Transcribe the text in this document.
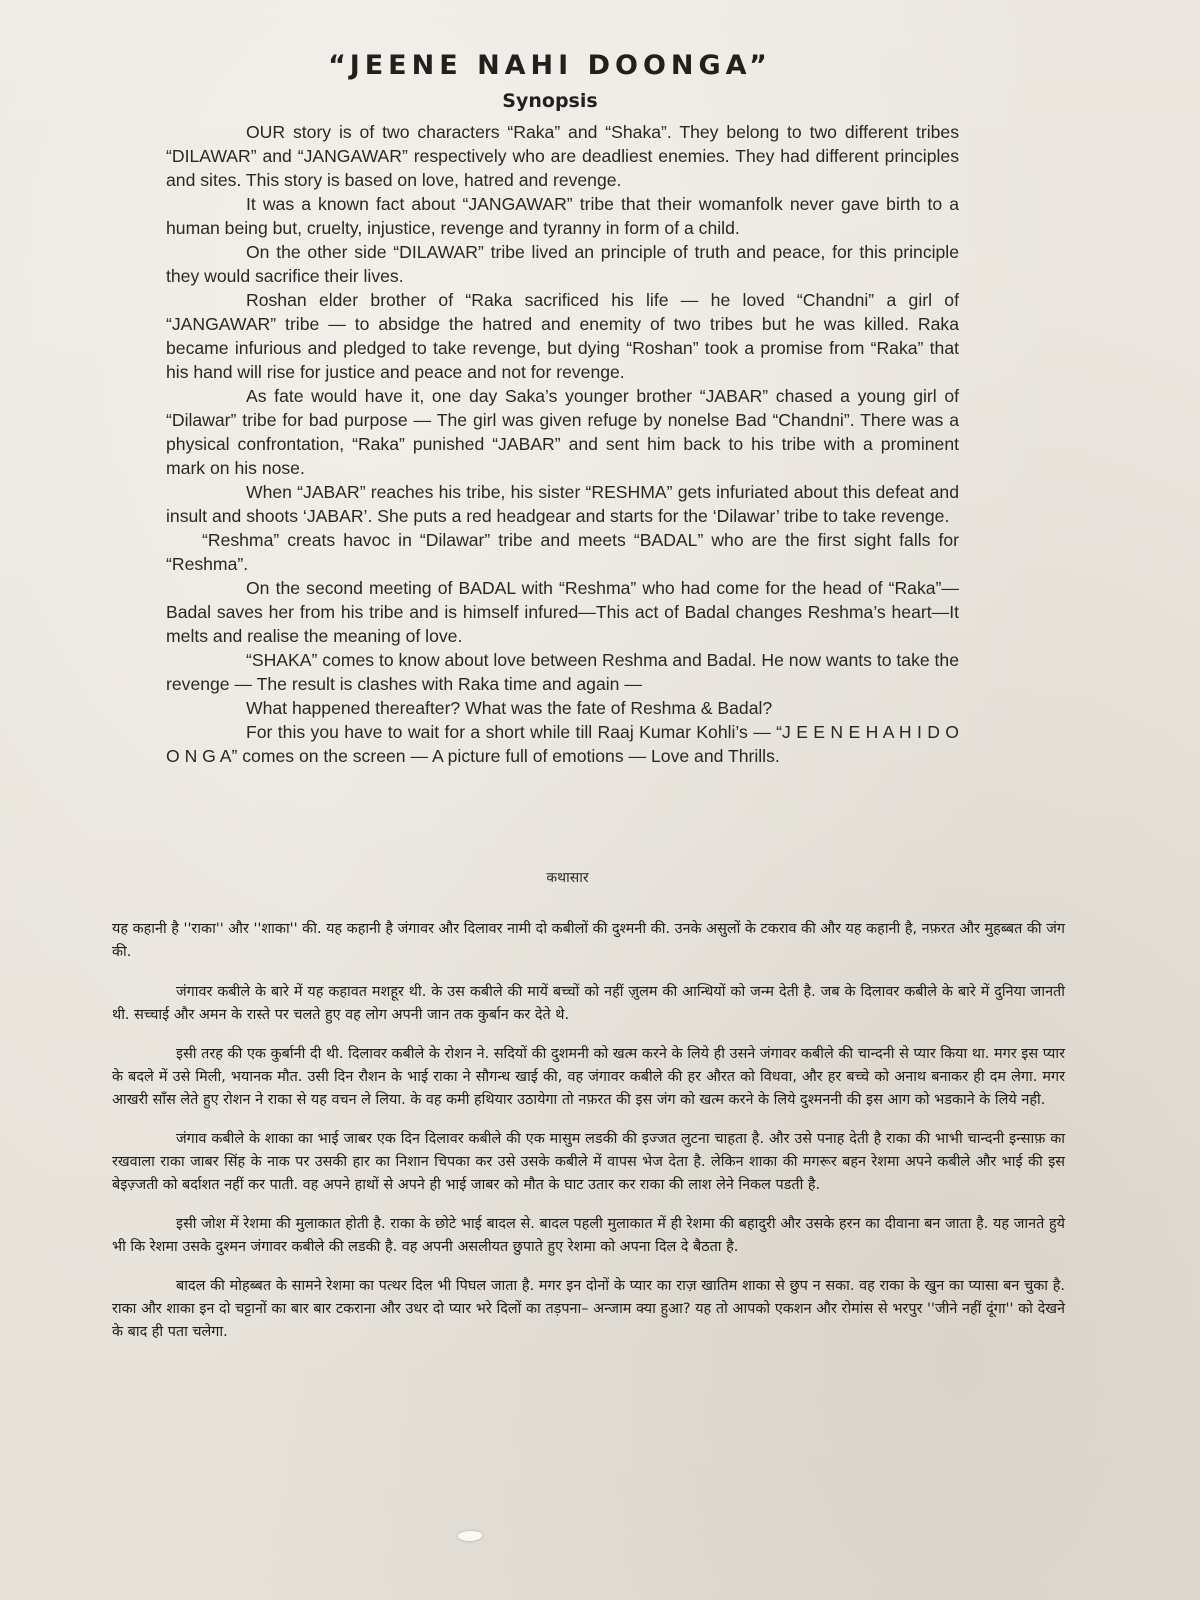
“JEENE NAHI DOONGA”
Synopsis

OUR story is of two characters “Raka” and “Shaka”. They belong to two different tribes “DILAWAR” and “JANGAWAR” respectively who are deadliest enemies. They had different principles and sites. This story is based on love, hatred and revenge.

It was a known fact about “JANGAWAR” tribe that their womanfolk never gave birth to a human being but, cruelty, injustice, revenge and tyranny in form of a child.

On the other side “DILAWAR” tribe lived an principle of truth and peace, for this principle they would sacrifice their lives.

Roshan elder brother of “Raka sacrificed his life — he loved “Chandni” a girl of “JANGAWAR” tribe — to absidge the hatred and enemity of two tribes but he was killed. Raka became infurious and pledged to take revenge, but dying “Roshan” took a promise from “Raka” that his hand will rise for justice and peace and not for revenge.

As fate would have it, one day Saka’s younger brother “JABAR” chased a young girl of “Dilawar” tribe for bad purpose — The girl was given refuge by nonelse Bad “Chandni”. There was a physical confrontation, “Raka” punished “JABAR” and sent him back to his tribe with a prominent mark on his nose.

When “JABAR” reaches his tribe, his sister “RESHMA” gets infuriated about this defeat and insult and shoots ‘JABAR’. She puts a red headgear and starts for the ‘Dilawar’ tribe to take revenge.

“Reshma” creats havoc in “Dilawar” tribe and meets “BADAL” who are the first sight falls for “Reshma”.

On the second meeting of BADAL with “Reshma” who had come for the head of “Raka”—Badal saves her from his tribe and is himself infured—This act of Badal changes Reshma’s heart—It melts and realise the meaning of love.

“SHAKA” comes to know about love between Reshma and Badal. He now wants to take the revenge — The result is clashes with Raka time and again —

What happened thereafter? What was the fate of Reshma & Badal?

For this you have to wait for a short while till Raaj Kumar Kohli’s — “J E E N E H A H I D O O N G A” comes on the screen — A picture full of emotions — Love and Thrills.

कथासार

यह कहानी है ''राका'' और ''शाका'' की. यह कहानी है जंगावर और दिलावर नामी दो कबीलों की दुश्मनी की. उनके असुलों के टकराव की और यह कहानी है, नफ़रत और मुहब्बत की जंग की.

जंगावर कबीले के बारे में यह कहावत मशहूर थी. के उस कबीले की मायें बच्चों को नहीं ज़ुलम की आन्धियों को जन्म देती है. जब के दिलावर कबीले के बारे में दुनिया जानती थी. सच्चाई और अमन के रास्ते पर चलते हुए वह लोग अपनी जान तक कुर्बान कर देते थे.

इसी तरह की एक कुर्बानी दी थी. दिलावर कबीले के रोशन ने. सदियों की दुशमनी को खत्म करने के लिये ही उसने जंगावर कबीले की चान्दनी से प्यार किया था. मगर इस प्यार के बदले में उसे मिली, भयानक मौत. उसी दिन रौशन के भाई राका ने सौगन्ध खाई की, वह जंगावर कबीले की हर औरत को विधवा, और हर बच्चे को अनाथ बनाकर ही दम लेगा. मगर आखरी साँस लेते हुए रोशन ने राका से यह वचन ले लिया. के वह कमी हथियार उठायेगा तो नफ़रत की इस जंग को खत्म करने के लिये दुश्मननी की इस आग को भडकाने के लिये नही.

जंगाव कबीले के शाका का भाई जाबर एक दिन दिलावर कबीले की एक मासुम लडकी की इज्जत लुटना चाहता है. और उसे पनाह देती है राका की भाभी चान्दनी इन्साफ़ का रखवाला राका जाबर सिंह के नाक पर उसकी हार का निशान चिपका कर उसे उसके कबीले में वापस भेज देता है. लेकिन शाका की मगरूर बहन रेशमा अपने कबीले और भाई की इस बेइज़्जती को बर्दाशत नहीं कर पाती. वह अपने हाथों से अपने ही भाई जाबर को मौत के घाट उतार कर राका की लाश लेने निकल पडती है.

इसी जोश में रेशमा की मुलाकात होती है. राका के छोटे भाई बादल से. बादल पहली मुलाकात में ही रेशमा की बहादुरी और उसके हरन का दीवाना बन जाता है. यह जानते हुये भी कि रेशमा उसके दुश्मन जंगावर कबीले की लडकी है. वह अपनी असलीयत छुपाते हुए रेशमा को अपना दिल दे बैठता है.

बादल की मोहब्बत के सामने रेशमा का पत्थर दिल भी पिघल जाता है. मगर इन दोनों के प्यार का राज़ खातिम शाका से छुप न सका. वह राका के खुन का प्यासा बन चुका है. राका और शाका इन दो चट्टानों का बार बार टकराना और उधर दो प्यार भरे दिलों का तड़पना– अन्जाम क्या हुआ? यह तो आपको एकशन और रोमांस से भरपुर ''जीने नहीं दूंगा'' को देखने के बाद ही पता चलेगा.
